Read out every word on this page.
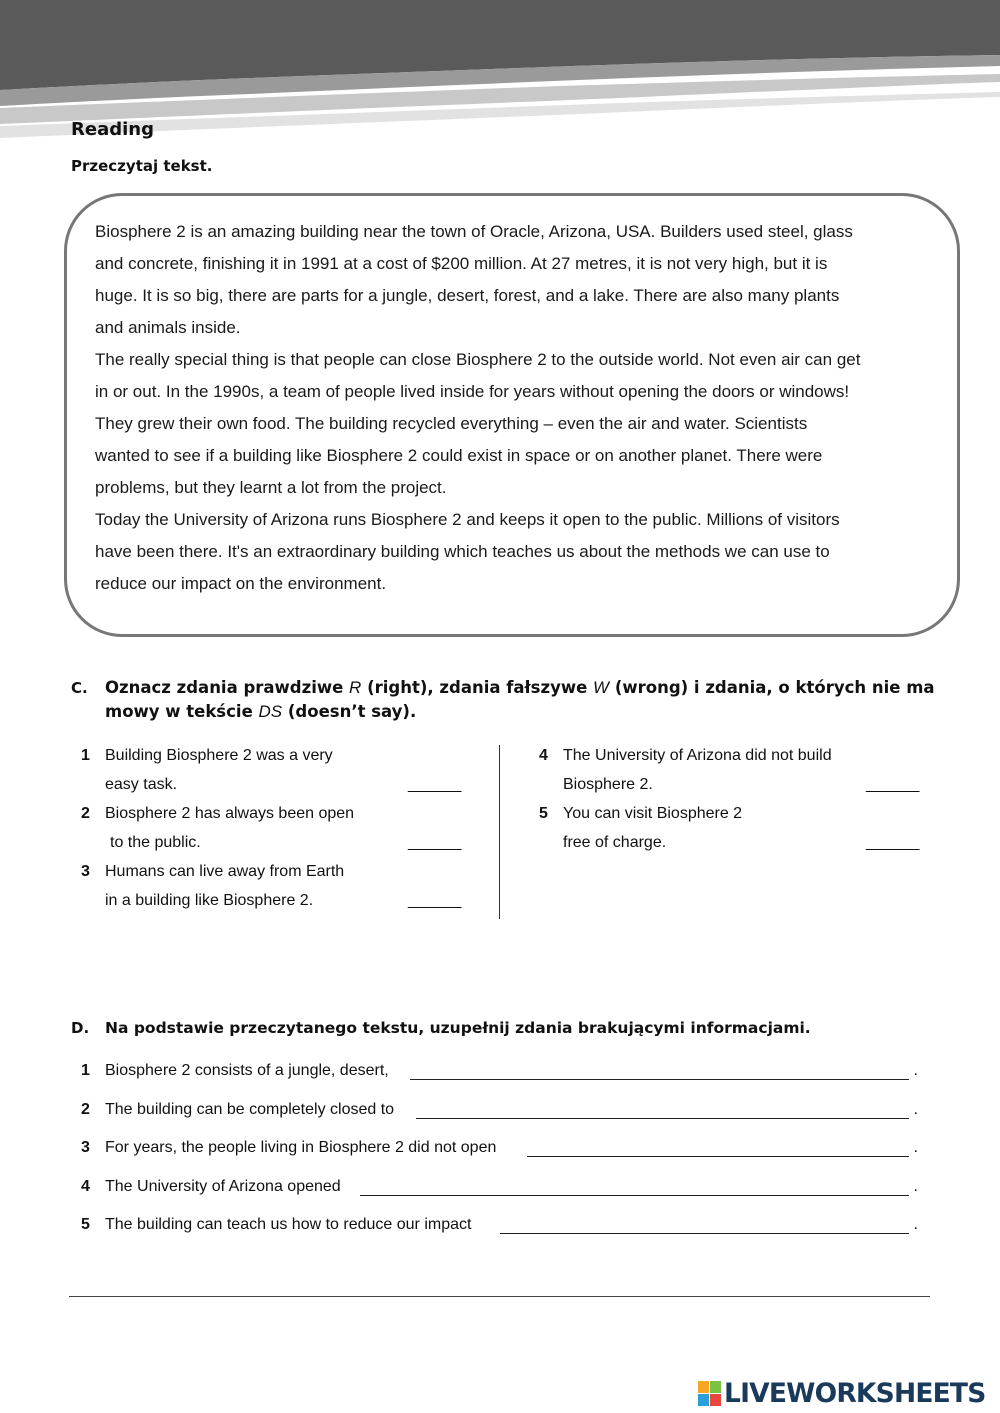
Reading

Przeczytaj tekst.

Biosphere 2 is an amazing building near the town of Oracle, Arizona, USA. Builders used steel, glass
and concrete, finishing it in 1991 at a cost of $200 million. At 27 metres, it is not very high, but it is
huge. It is so big, there are parts for a jungle, desert, forest, and a lake. There are also many plants
and animals inside.

The really special thing is that people can close Biosphere 2 to the outside world. Not even air can get
in or out. In the 1990s, a team of people lived inside for years without opening the doors or windows!
They grew their own food. The building recycled everything – even the air and water. Scientists
wanted to see if a building like Biosphere 2 could exist in space or on another planet. There were
problems, but they learnt a lot from the project.

Today the University of Arizona runs Biosphere 2 and keeps it open to the public. Millions of visitors
have been there. It's an extraordinary building which teaches us about the methods we can use to
reduce our impact on the environment.

C. Oznacz zdania prawdziwe R (right), zdania fałszywe W (wrong) i zdania, o których nie ma mowy w tekście DS (doesn’t say).
1 Building Biosphere 2 was a very
easy task.	______
2 Biosphere 2 has always been open
to the public.	______
3 Humans can live away from Earth
in a building like Biosphere 2.	______
4 The University of Arizona did not build
Biosphere 2.	______
5 You can visit Biosphere 2
free of charge.	______
D. Na podstawie przeczytanego tekstu, uzupełnij zdania brakującymi informacjami.
1 Biosphere 2 consists of a jungle, desert,	.
2 The building can be completely closed to	.
3 For years, the people living in Biosphere 2 did not open	.
4 The University of Arizona opened	.
5 The building can teach us how to reduce our impact	.
LIVEWORKSHEETS
